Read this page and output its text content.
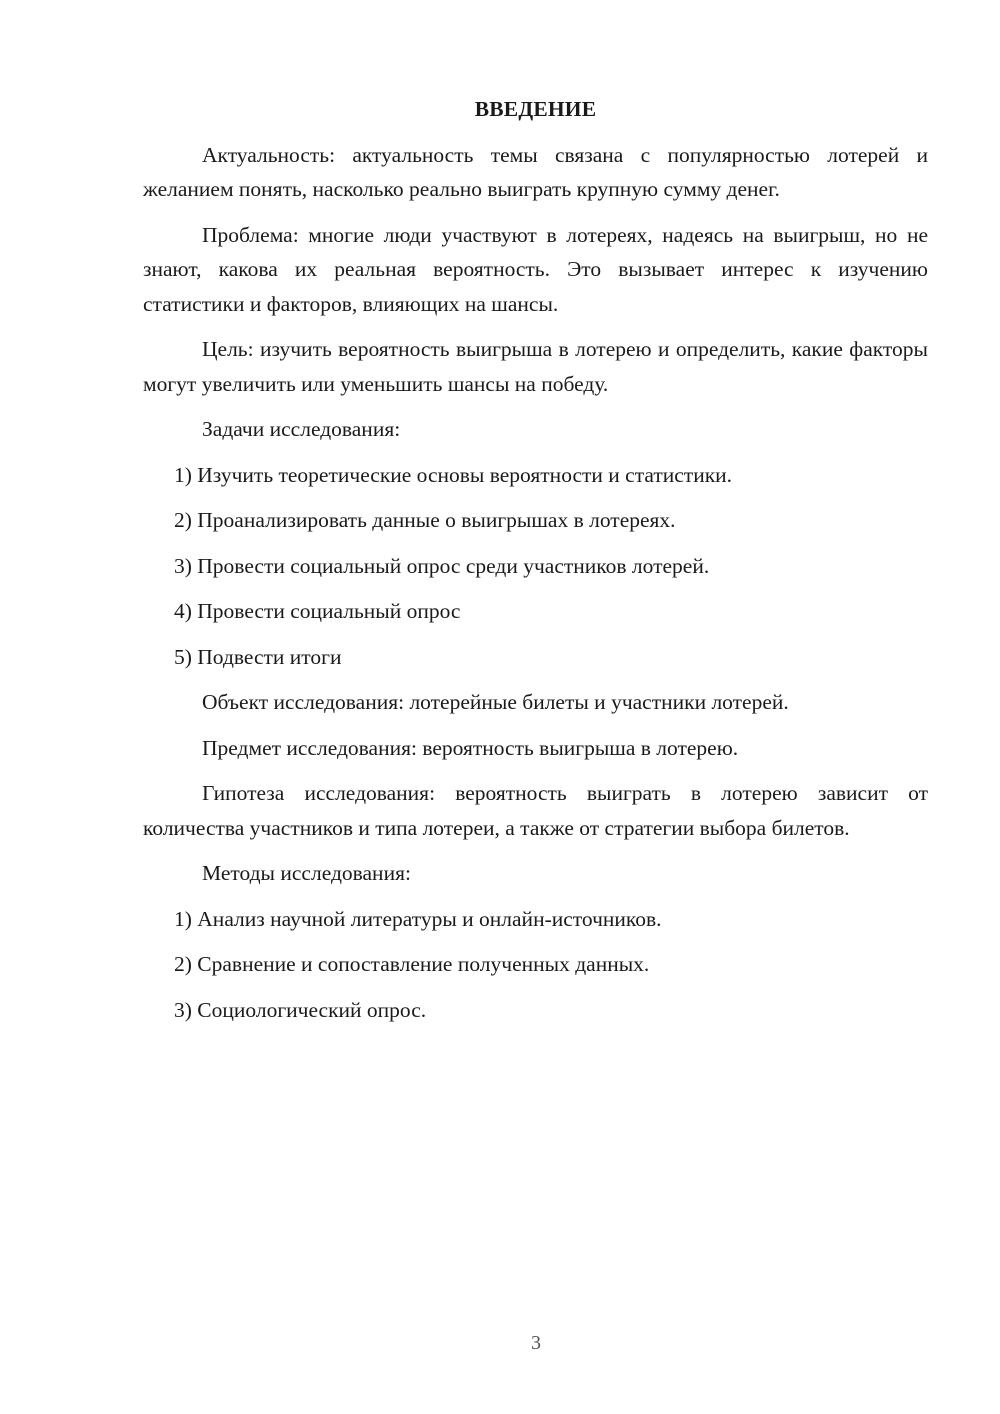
ВВЕДЕНИЕ
Актуальность: актуальность темы связана с популярностью лотерей и желанием понять, насколько реально выиграть крупную сумму денег.
Проблема: многие люди участвуют в лотереях, надеясь на выигрыш, но не знают, какова их реальная вероятность. Это вызывает интерес к изучению статистики и факторов, влияющих на шансы.
Цель: изучить вероятность выигрыша в лотерею и определить, какие факторы могут увеличить или уменьшить шансы на победу.
Задачи исследования:
1) Изучить теоретические основы вероятности и статистики.
2) Проанализировать данные о выигрышах в лотереях.
3) Провести социальный опрос среди участников лотерей.
4) Провести социальный опрос
5) Подвести итоги
Объект исследования: лотерейные билеты и участники лотерей.
Предмет исследования: вероятность выигрыша в лотерею.
Гипотеза исследования: вероятность выиграть в лотерею зависит от количества участников и типа лотереи, а также от стратегии выбора билетов.
Методы исследования:
1) Анализ научной литературы и онлайн-источников.
2) Сравнение и сопоставление полученных данных.
3) Социологический опрос.
3
